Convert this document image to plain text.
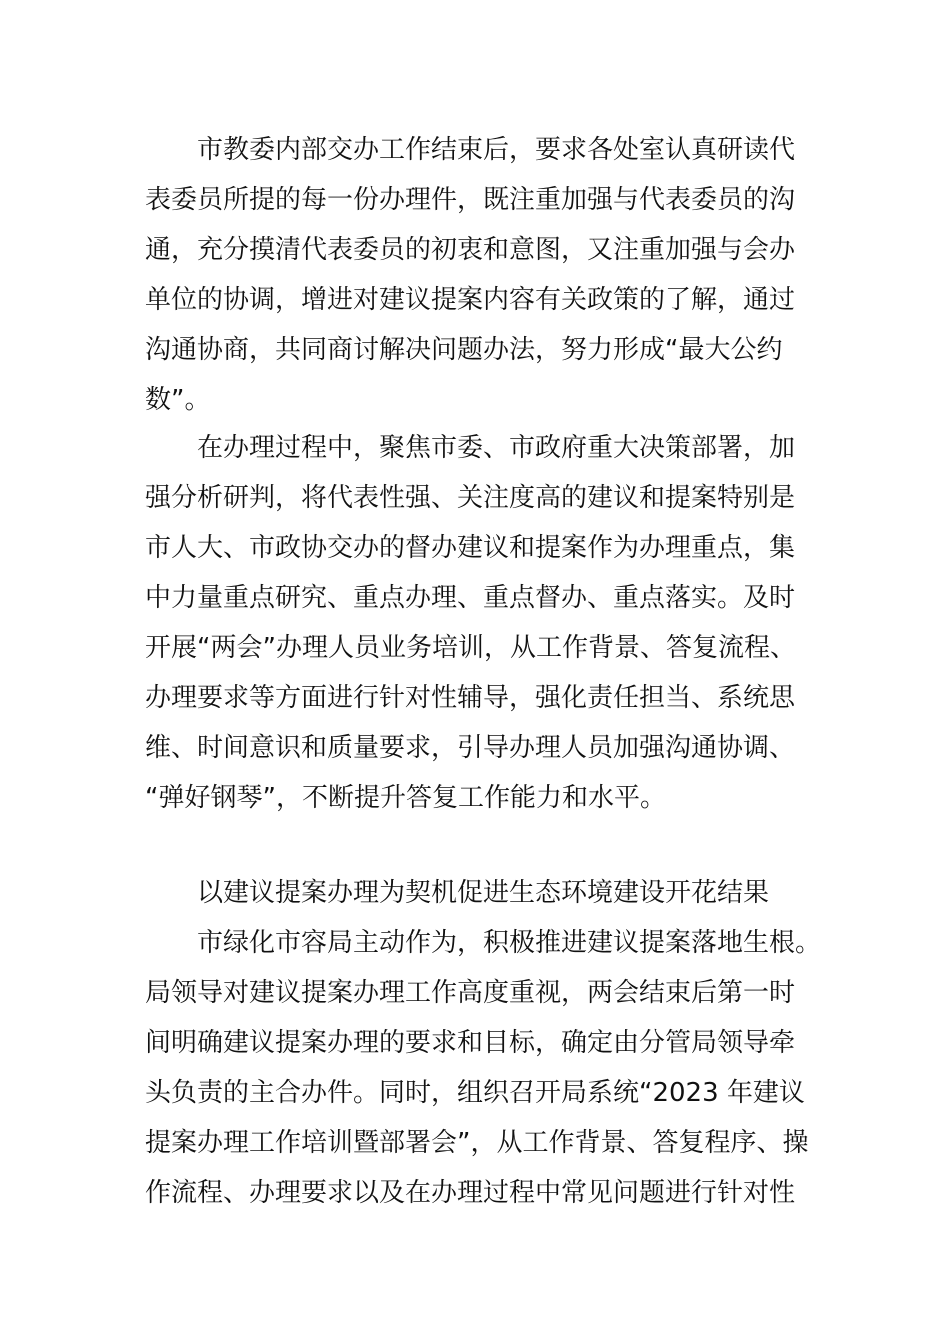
市教委内部交办工作结束后，要求各处室认真研读代
表委员所提的每一份办理件，既注重加强与代表委员的沟
通，充分摸清代表委员的初衷和意图，又注重加强与会办
单位的协调，增进对建议提案内容有关政策的了解，通过
沟通协商，共同商讨解决问题办法，努力形成“最大公约
数”。
在办理过程中，聚焦市委、市政府重大决策部署，加
强分析研判，将代表性强、关注度高的建议和提案特别是
市人大、市政协交办的督办建议和提案作为办理重点，集
中力量重点研究、重点办理、重点督办、重点落实。及时
开展“两会”办理人员业务培训，从工作背景、答复流程、
办理要求等方面进行针对性辅导，强化责任担当、系统思
维、时间意识和质量要求，引导办理人员加强沟通协调、
“弹好钢琴”，不断提升答复工作能力和水平。
以建议提案办理为契机促进生态环境建设开花结果
市绿化市容局主动作为，积极推进建议提案落地生根。
局领导对建议提案办理工作高度重视，两会结束后第一时
间明确建议提案办理的要求和目标，确定由分管局领导牵
头负责的主合办件。同时，组织召开局系统“2023 年建议
提案办理工作培训暨部署会”，从工作背景、答复程序、操
作流程、办理要求以及在办理过程中常见问题进行针对性
